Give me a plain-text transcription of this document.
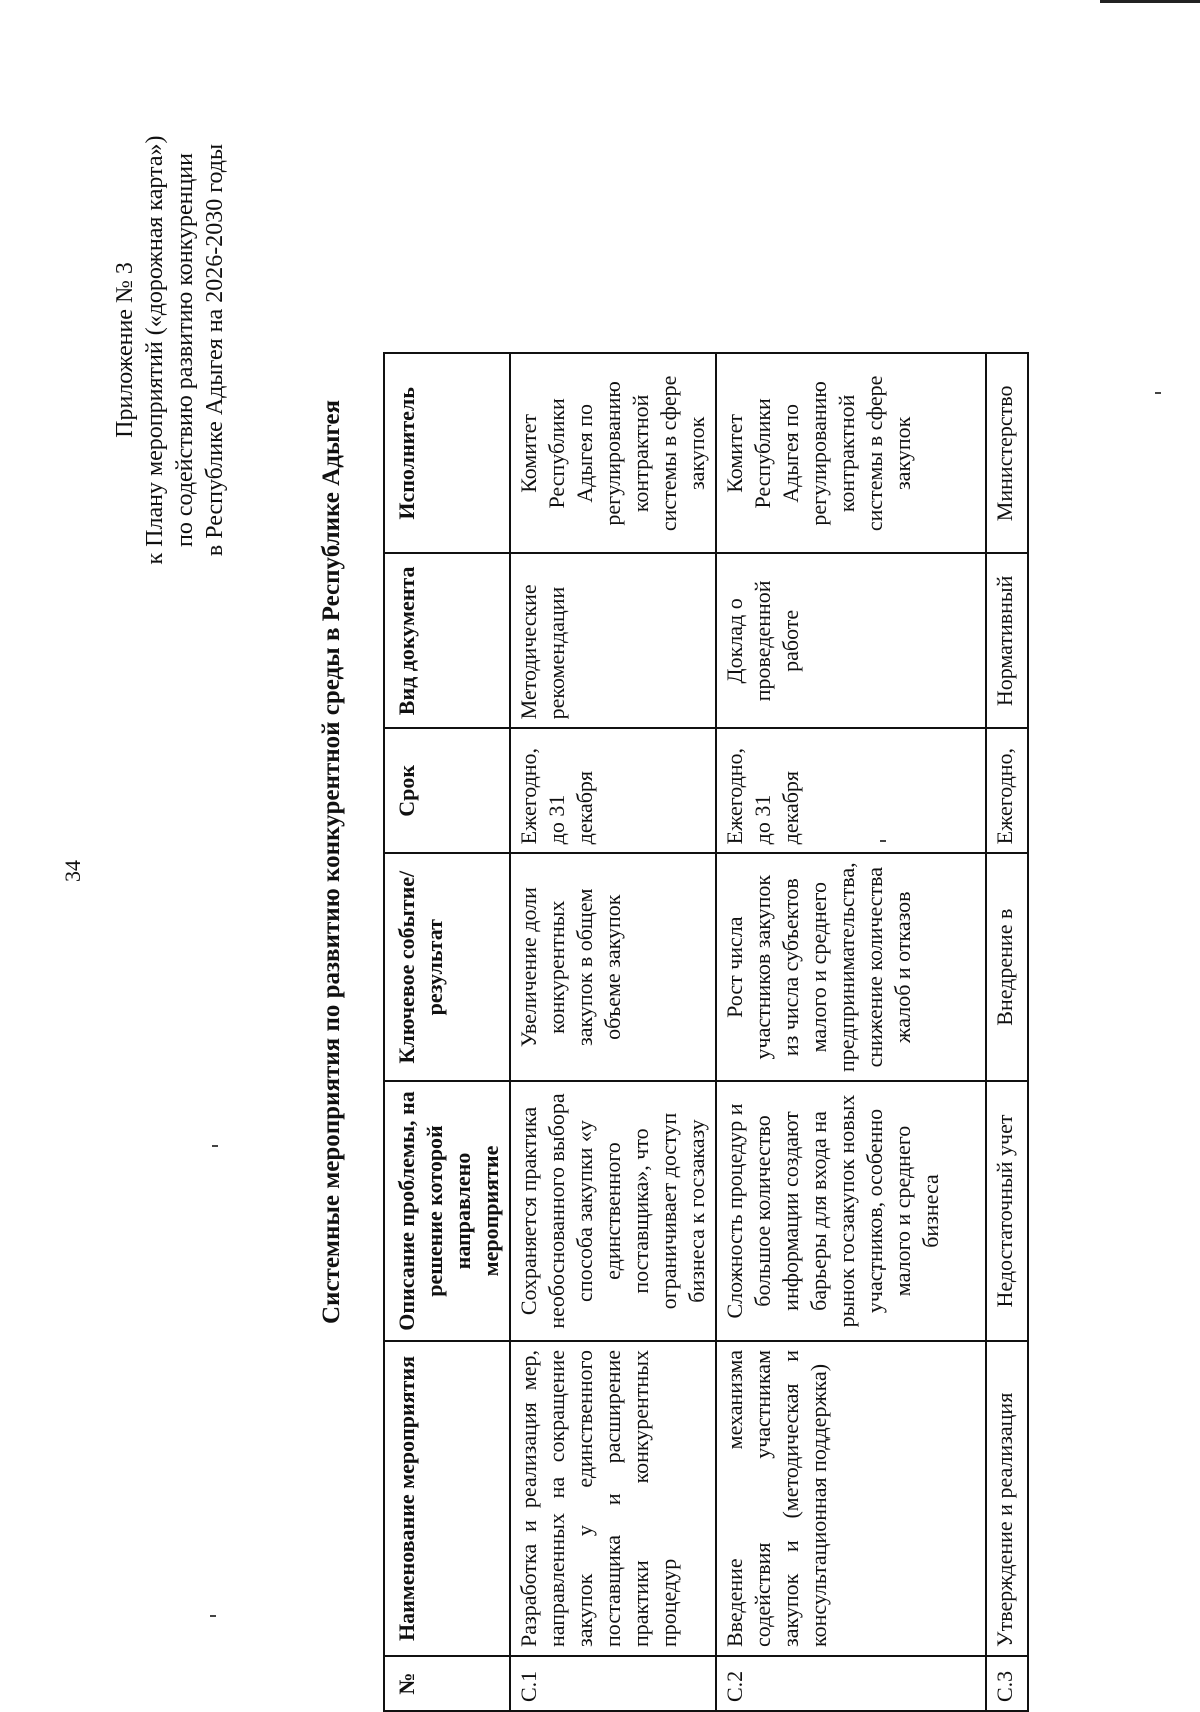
34
Приложение № 3 к Плану мероприятий («дорожная карта») по содействию развитию конкуренции в Республике Адыгея на 2026-2030 годы
Системные мероприятия по развитию конкурентной среды в Республике Адыгея
№	Наименование мероприятия	Описание проблемы, на решение которой направлено мероприятие	Ключевое событие/ результат	Срок	Вид документа	Исполнитель
С.1	Разработка и реализация мер, направленных на сокращение закупок у единственного поставщика и расширение практики конкурентных процедур	Сохраняется практика необоснованного выбора способа закупки «у единственного поставщика», что ограничивает доступ бизнеса к госзаказу	Увеличение доли конкурентных закупок в общем объеме закупок	Ежегодно, до 31 декабря	Методические рекомендации	Комитет Республики Адыгея по регулированию контрактной системы в сфере закупок
С.2	Введение механизма содействия участникам закупок и (методическая и консультационная поддержка)	Сложность процедур и большое количество информации создают барьеры для входа на рынок госзакупок новых участников, особенно малого и среднего бизнеса	Рост числа участников закупок из числа субъектов малого и среднего предпринимательства, снижение количества жалоб и отказов	Ежегодно, до 31 декабря	Доклад о проведенной работе	Комитет Республики Адыгея по регулированию контрактной системы в сфере закупок
С.3	Утверждение и реализация	Недостаточный учет	Внедрение в	Ежегодно,	Нормативный	Министерство
